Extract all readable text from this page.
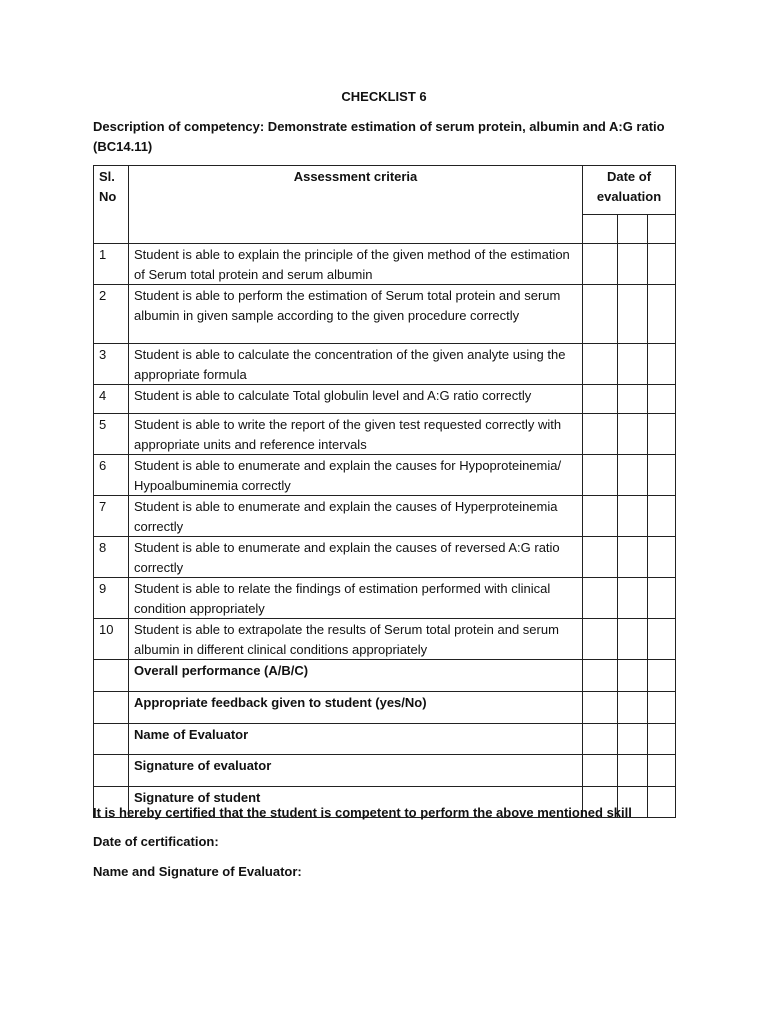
CHECKLIST 6
Description of competency: Demonstrate estimation of serum protein, albumin and A:G ratio (BC14.11)
Sl. No	Assessment criteria	Date of evaluation		

1	Student is able to explain the principle of the given method of the estimation of Serum total protein and serum albumin			
2	Student is able to perform the estimation of Serum total protein and serum albumin in given sample according to the given procedure correctly			
3	Student is able to calculate the concentration of the given analyte using the appropriate formula			
4	Student is able to calculate Total globulin level and A:G ratio correctly			
5	Student is able to write the report of the given test requested correctly with appropriate units and reference intervals			
6	Student is able to enumerate and explain the causes for Hypoproteinemia/ Hypoalbuminemia correctly			
7	Student is able to enumerate and explain the causes of Hyperproteinemia correctly			
8	Student is able to enumerate and explain the causes of reversed A:G ratio correctly			
9	Student is able to relate the findings of estimation performed with clinical condition appropriately			
10	Student is able to extrapolate the results of Serum total protein and serum albumin in different clinical conditions appropriately			
	Overall performance (A/B/C)			
	Appropriate feedback given to student (yes/No)			
	Name of Evaluator			
	Signature of evaluator			
	Signature of student			
It is hereby certified that the student is competent to perform the above mentioned skill
Date of certification:
Name and Signature of Evaluator:
